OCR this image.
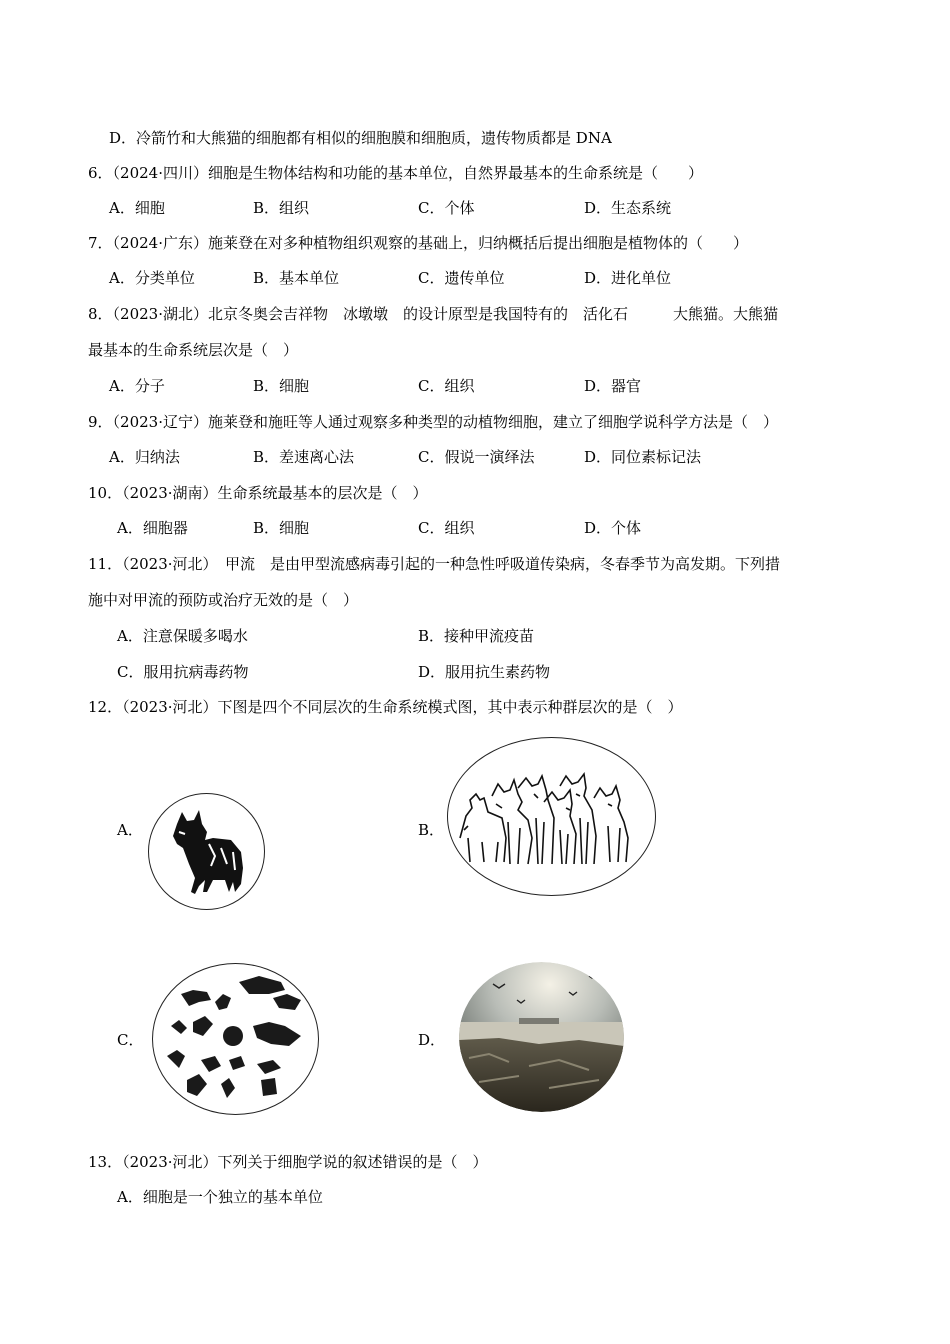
D．冷箭竹和大熊猫的细胞都有相似的细胞膜和细胞质，遗传物质都是 DNA
6．（2024·四川）细胞是生物体结构和功能的基本单位，自然界最基本的生命系统是（　　）
A．细胞	B．组织	C．个体	D．生态系统
7．（2024·广东）施莱登在对多种植物组织观察的基础上，归纳概括后提出细胞是植物体的（　　）
A．分类单位	B．基本单位	C．遗传单位	D．进化单位
8．（2023·湖北）北京冬奥会吉祥物　冰墩墩　的设计原型是我国特有的　活化石　　　大熊猫。大熊猫
最基本的生命系统层次是（　）
A．分子	B．细胞	C．组织	D．器官
9．（2023·辽宁）施莱登和施旺等人通过观察多种类型的动植物细胞，建立了细胞学说科学方法是（　）
A．归纳法	B．差速离心法	C．假说一演绎法	D．同位素标记法
10．（2023·湖南）生命系统最基本的层次是（　）
A．细胞器	B．细胞	C．组织	D．个体
11．（2023·河北）　甲流　是由甲型流感病毒引起的一种急性呼吸道传染病，冬春季节为高发期。下列措
施中对甲流的预防或治疗无效的是（　）
A．注意保暖多喝水	B．接种甲流疫苗
C．服用抗病毒药物	D．服用抗生素药物
12．（2023·河北）下图是四个不同层次的生命系统模式图，其中表示种群层次的是（　）
A．	B．
C．	D．
13．（2023·河北）下列关于细胞学说的叙述错误的是（　）
A．细胞是一个独立的基本单位
